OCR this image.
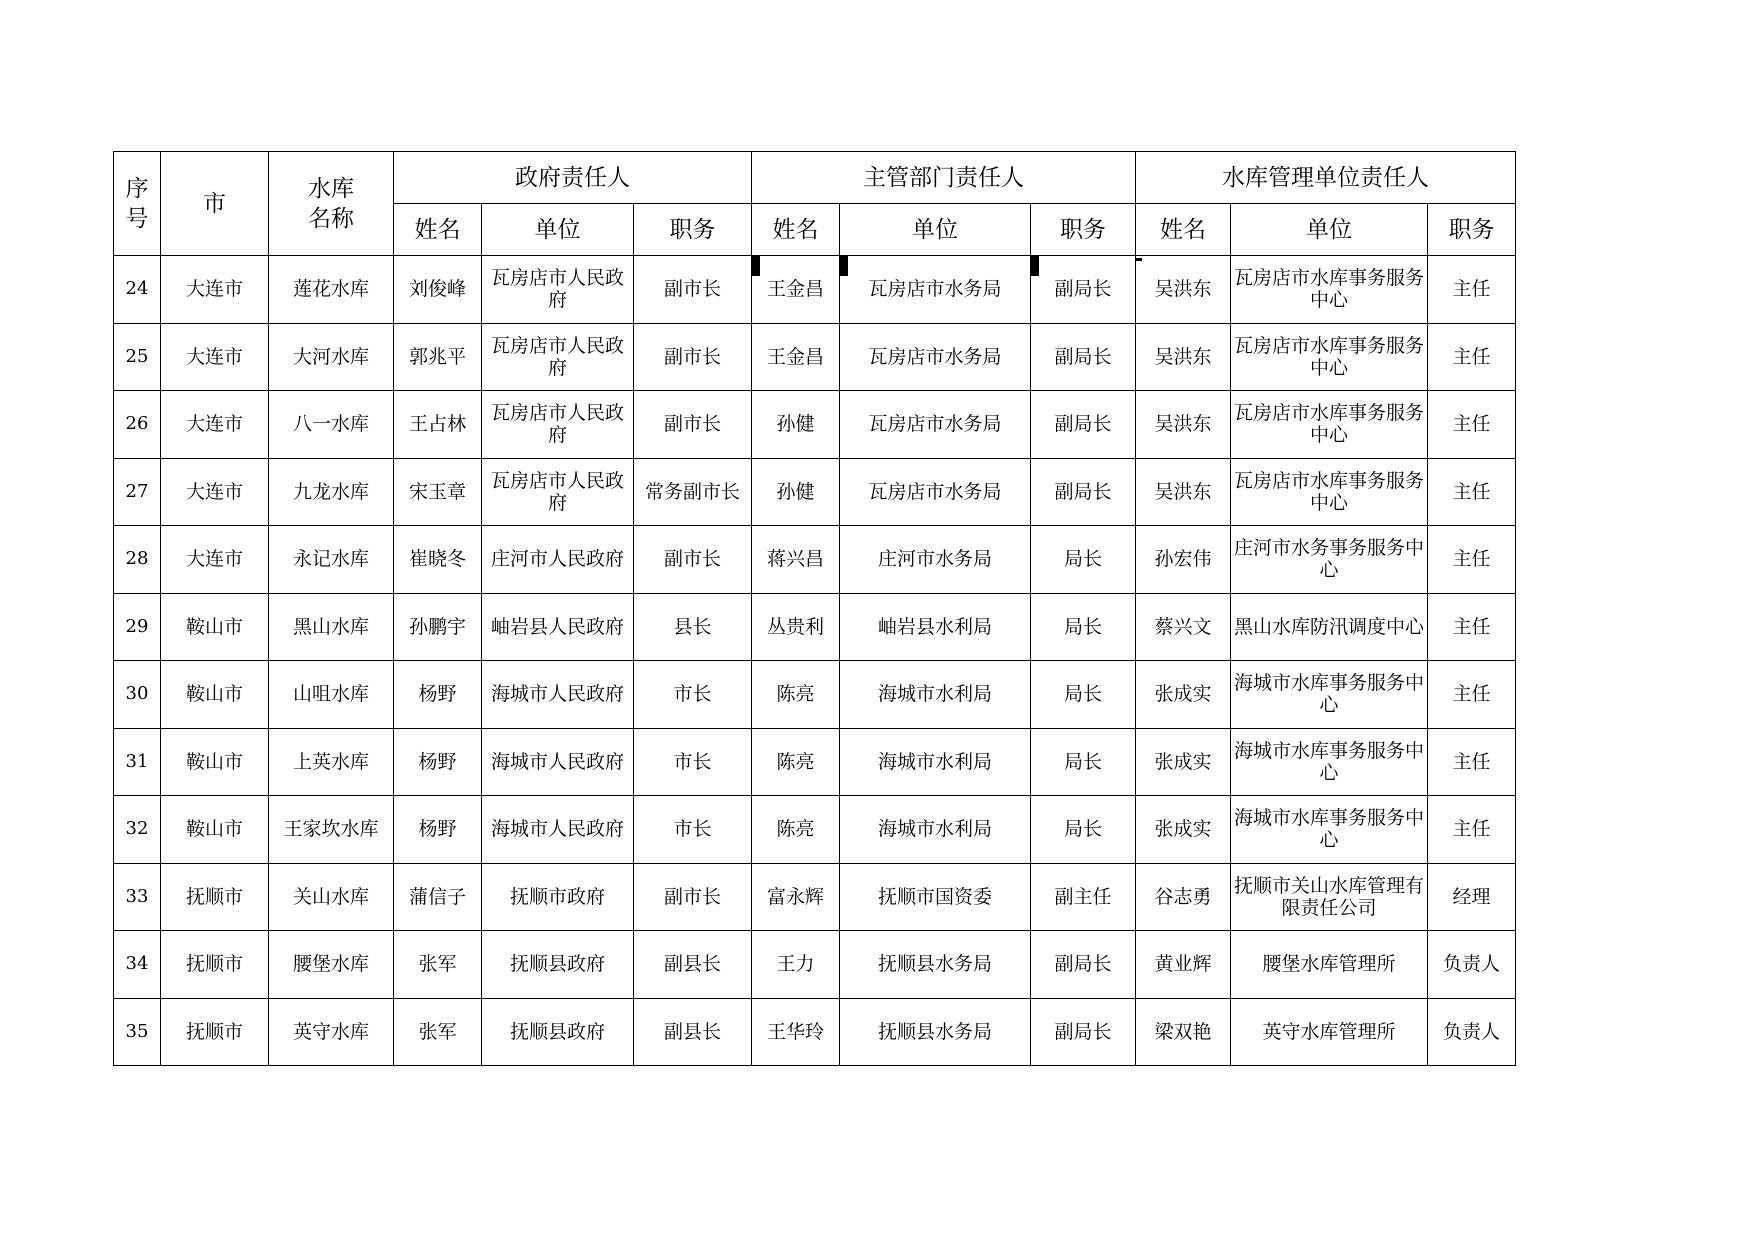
序号	市	水库名称	政府责任人			主管部门责任人			水库管理单位责任人		
			姓名	单位	职务	姓名	单位	职务	姓名	单位	职务
24	大连市	莲花水库	刘俊峰	瓦房店市人民政府	副市长	王金昌	瓦房店市水务局	副局长	吴洪东	瓦房店市水库事务服务中心	主任
25	大连市	大河水库	郭兆平	瓦房店市人民政府	副市长	王金昌	瓦房店市水务局	副局长	吴洪东	瓦房店市水库事务服务中心	主任
26	大连市	八一水库	王占林	瓦房店市人民政府	副市长	孙健	瓦房店市水务局	副局长	吴洪东	瓦房店市水库事务服务中心	主任
27	大连市	九龙水库	宋玉章	瓦房店市人民政府	常务副市长	孙健	瓦房店市水务局	副局长	吴洪东	瓦房店市水库事务服务中心	主任
28	大连市	永记水库	崔晓冬	庄河市人民政府	副市长	蒋兴昌	庄河市水务局	局长	孙宏伟	庄河市水务事务服务中心	主任
29	鞍山市	黑山水库	孙鹏宇	岫岩县人民政府	县长	丛贵利	岫岩县水利局	局长	蔡兴文	黑山水库防汛调度中心	主任
30	鞍山市	山咀水库	杨野	海城市人民政府	市长	陈亮	海城市水利局	局长	张成实	海城市水库事务服务中心	主任
31	鞍山市	上英水库	杨野	海城市人民政府	市长	陈亮	海城市水利局	局长	张成实	海城市水库事务服务中心	主任
32	鞍山市	王家坎水库	杨野	海城市人民政府	市长	陈亮	海城市水利局	局长	张成实	海城市水库事务服务中心	主任
33	抚顺市	关山水库	蒲信子	抚顺市政府	副市长	富永辉	抚顺市国资委	副主任	谷志勇	抚顺市关山水库管理有限责任公司	经理
34	抚顺市	腰堡水库	张军	抚顺县政府	副县长	王力	抚顺县水务局	副局长	黄业辉	腰堡水库管理所	负责人
35	抚顺市	英守水库	张军	抚顺县政府	副县长	王华玲	抚顺县水务局	副局长	梁双艳	英守水库管理所	负责人
